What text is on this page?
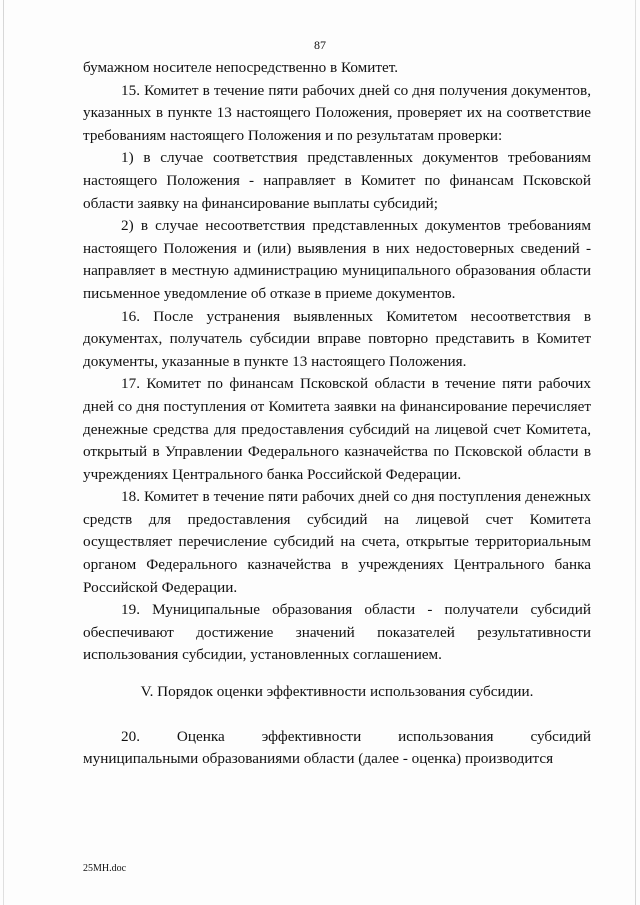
87

бумажном носителе непосредственно в Комитет.

15. Комитет в течение пяти рабочих дней со дня получения документов, указанных в пункте 13 настоящего Положения, проверяет их на соответствие требованиям настоящего Положения и по результатам проверки:

1) в случае соответствия представленных документов требованиям настоящего Положения - направляет в Комитет по финансам Псковской области заявку на финансирование выплаты субсидий;

2) в случае несоответствия представленных документов требованиям настоящего Положения и (или) выявления в них недостоверных сведений - направляет в местную администрацию муниципального образования области письменное уведомление об отказе в приеме документов.

16. После устранения выявленных Комитетом несоответствия в документах, получатель субсидии вправе повторно представить в Комитет документы, указанные в пункте 13 настоящего Положения.

17. Комитет по финансам Псковской области в течение пяти рабочих дней со дня поступления от Комитета заявки на финансирование перечисляет денежные средства для предоставления субсидий на лицевой счет Комитета, открытый в Управлении Федерального казначейства по Псковской области в учреждениях Центрального банка Российской Федерации.

18. Комитет в течение пяти рабочих дней со дня поступления денежных средств для предоставления субсидий на лицевой счет Комитета осуществляет перечисление субсидий на счета, открытые территориальным органом Федерального казначейства в учреждениях Центрального банка Российской Федерации.

19. Муниципальные образования области - получатели субсидий обеспечивают достижение значений показателей результативности использования субсидии, установленных соглашением.

V. Порядок оценки эффективности использования субсидии.

20. Оценка эффективности использования субсидий

муниципальными образованиями области (далее - оценка) производится

25МН.doc
